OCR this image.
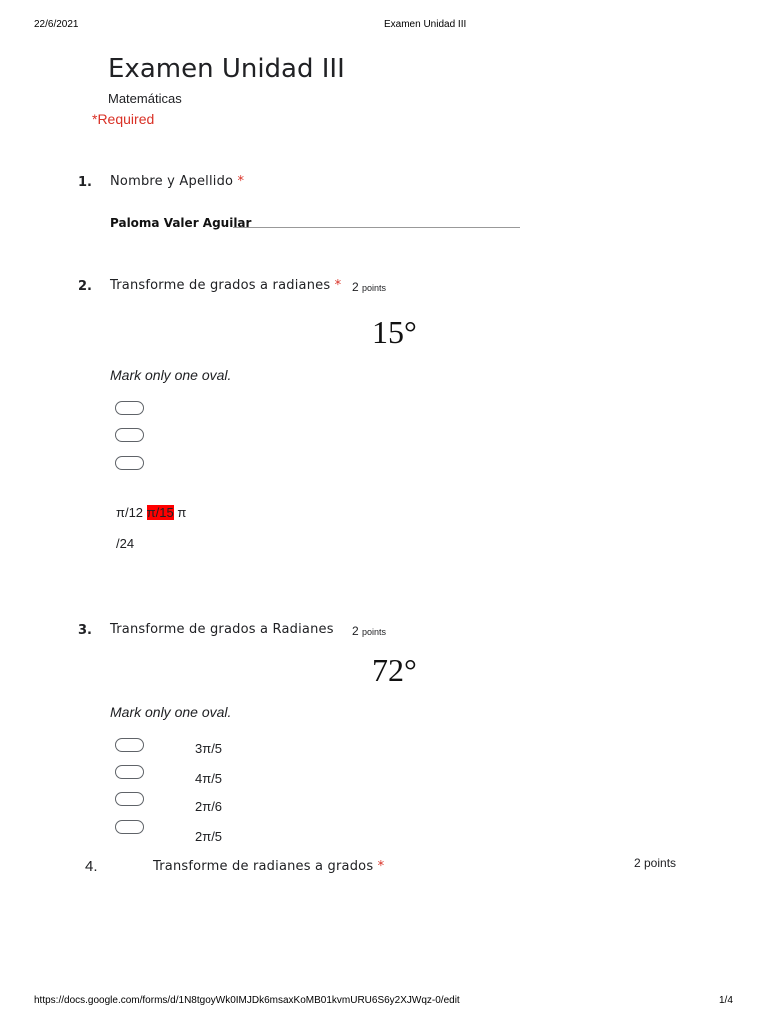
22/6/2021	Examen Unidad III
Examen Unidad III
Matemáticas
*Required
1. Nombre y Apellido *
Paloma Valer Aguilar
2. Transforme de grados a radianes * 2 points
15°
Mark only one oval.
π/12 π/15 π
/24
3. Transforme de grados a Radianes 2 points
72°
Mark only one oval.
3π/5
4π/5
2π/6
2π/5
4.	Transforme de radianes a grados *	2 points
https://docs.google.com/forms/d/1N8tgoyWk0IMJDk6msaxKoMB01kvmURU6S6y2XJWqz-0/edit	1/4
